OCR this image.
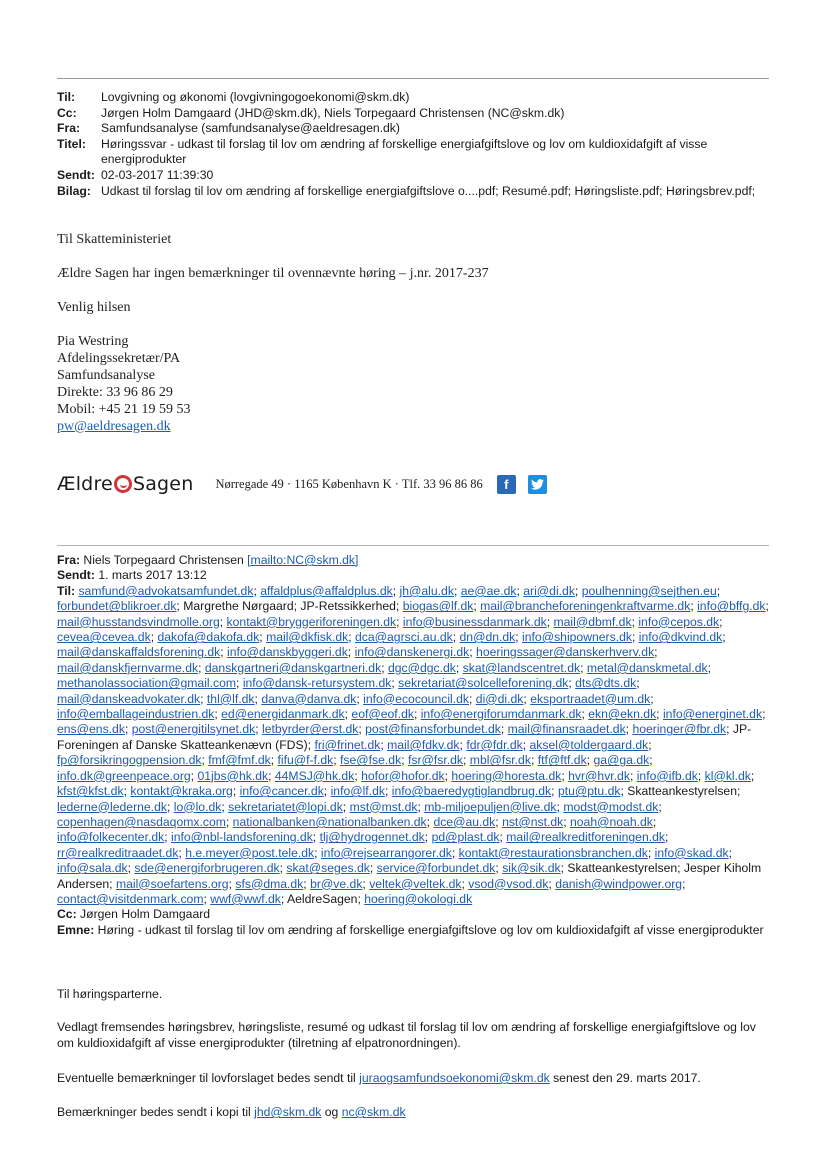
Til:	Lovgivning og økonomi (lovgivningogoekonomi@skm.dk)
Cc:	Jørgen Holm Damgaard (JHD@skm.dk), Niels Torpegaard Christensen (NC@skm.dk)
Fra:	Samfundsanalyse (samfundsanalyse@aeldresagen.dk)
Titel:	Høringssvar - udkast til forslag til lov om ændring af forskellige energiafgiftslove og lov om kuldioxidafgift af visse energiprodukter
Sendt: 02-03-2017 11:39:30
Bilag: Udkast til forslag til lov om ændring af forskellige energiafgiftslove o....pdf; Resumé.pdf; Høringsliste.pdf; Høringsbrev.pdf;

Til Skatteministeriet

Ældre Sagen har ingen bemærkninger til ovennævnte høring – j.nr. 2017-237

Venlig hilsen

Pia Westring

Afdelingssekretær/PA

Samfundsanalyse

Direkte: 33 96 86 29

Mobil: +45 21 19 59 53

pw@aeldresagen.dk

Ældre Sagen Nørregade 49 · 1165 København K · Tlf. 33 96 86 86	f
Fra: Niels Torpegaard Christensen [mailto:NC@skm.dk]
Sendt: 1. marts 2017 13:12
Til: samfund@advokatsamfundet.dk; affaldplus@affaldplus.dk; jh@alu.dk; ae@ae.dk; ari@di.dk; poulhenning@sejthen.eu; forbundet@blikroer.dk; Margrethe Nørgaard; JP-Retssikkerhed; biogas@lf.dk; mail@brancheforeningenkraftvarme.dk; info@bffg.dk; mail@husstandsvindmolle.org; kontakt@bryggeriforeningen.dk; info@businessdanmark.dk; mail@dbmf.dk; info@cepos.dk; cevea@cevea.dk; dakofa@dakofa.dk; mail@dkfisk.dk; dca@agrsci.au.dk; dn@dn.dk; info@shipowners.dk; info@dkvind.dk; mail@danskaffaldsforening.dk; info@danskbyggeri.dk; info@danskenergi.dk; hoeringssager@danskerhverv.dk; mail@danskfjernvarme.dk; danskgartneri@danskgartneri.dk; dgc@dgc.dk; skat@landscentret.dk; metal@danskmetal.dk; methanolassociation@gmail.com; info@dansk-retursystem.dk; sekretariat@solcelleforening.dk; dts@dts.dk; mail@danskeadvokater.dk; thl@lf.dk; danva@danva.dk; info@ecocouncil.dk; di@di.dk; eksportraadet@um.dk; info@emballageindustrien.dk; ed@energidanmark.dk; eof@eof.dk; info@energiforumdanmark.dk; ekn@ekn.dk; info@energinet.dk; ens@ens.dk; post@energitilsynet.dk; letbyrder@erst.dk; post@finansforbundet.dk; mail@finansraadet.dk; hoeringer@fbr.dk; JP-Foreningen af Danske Skatteankenævn (FDS); fri@frinet.dk; mail@fdkv.dk; fdr@fdr.dk; aksel@toldergaard.dk; fp@forsikringogpension.dk; fmf@fmf.dk; fifu@f-f.dk; fse@fse.dk; fsr@fsr.dk; mbl@fsr.dk; ftf@ftf.dk; ga@ga.dk; info.dk@greenpeace.org; 01jbs@hk.dk; 44MSJ@hk.dk; hofor@hofor.dk; hoering@horesta.dk; hvr@hvr.dk; info@ifb.dk; kl@kl.dk; kfst@kfst.dk; kontakt@kraka.org; info@cancer.dk; info@lf.dk; info@baeredygtiglandbrug.dk; ptu@ptu.dk; Skatteankestyrelsen; lederne@lederne.dk; lo@lo.dk; sekretariatet@lopi.dk; mst@mst.dk; mb-miljoepuljen@live.dk; modst@modst.dk; copenhagen@nasdaqomx.com; nationalbanken@nationalbanken.dk; dce@au.dk; nst@nst.dk; noah@noah.dk; info@folkecenter.dk; info@nbl-landsforening.dk; tlj@hydrogennet.dk; pd@plast.dk; mail@realkreditforeningen.dk; rr@realkreditraadet.dk; h.e.meyer@post.tele.dk; info@rejsearrangorer.dk; kontakt@restaurationsbranchen.dk; info@skad.dk; info@sala.dk; sde@energiforbrugeren.dk; skat@seges.dk; service@forbundet.dk; sik@sik.dk; Skatteankestyrelsen; Jesper Kiholm Andersen; mail@soefartens.org; sfs@dma.dk; br@ve.dk; veltek@veltek.dk; vsod@vsod.dk; danish@windpower.org; contact@visitdenmark.com; wwf@wwf.dk; AeldreSagen; hoering@okologi.dk
Cc: Jørgen Holm Damgaard
Emne: Høring - udkast til forslag til lov om ændring af forskellige energiafgiftslove og lov om kuldioxidafgift af visse energiprodukter

Til høringsparterne.

Vedlagt fremsendes høringsbrev, høringsliste, resumé og udkast til forslag til lov om ændring af forskellige energiafgiftslove og lov om kuldioxidafgift af visse energiprodukter (tilretning af elpatronordningen).

Eventuelle bemærkninger til lovforslaget bedes sendt til juraogsamfundsoekonomi@skm.dk senest den 29. marts 2017.

Bemærkninger bedes sendt i kopi til jhd@skm.dk og nc@skm.dk
